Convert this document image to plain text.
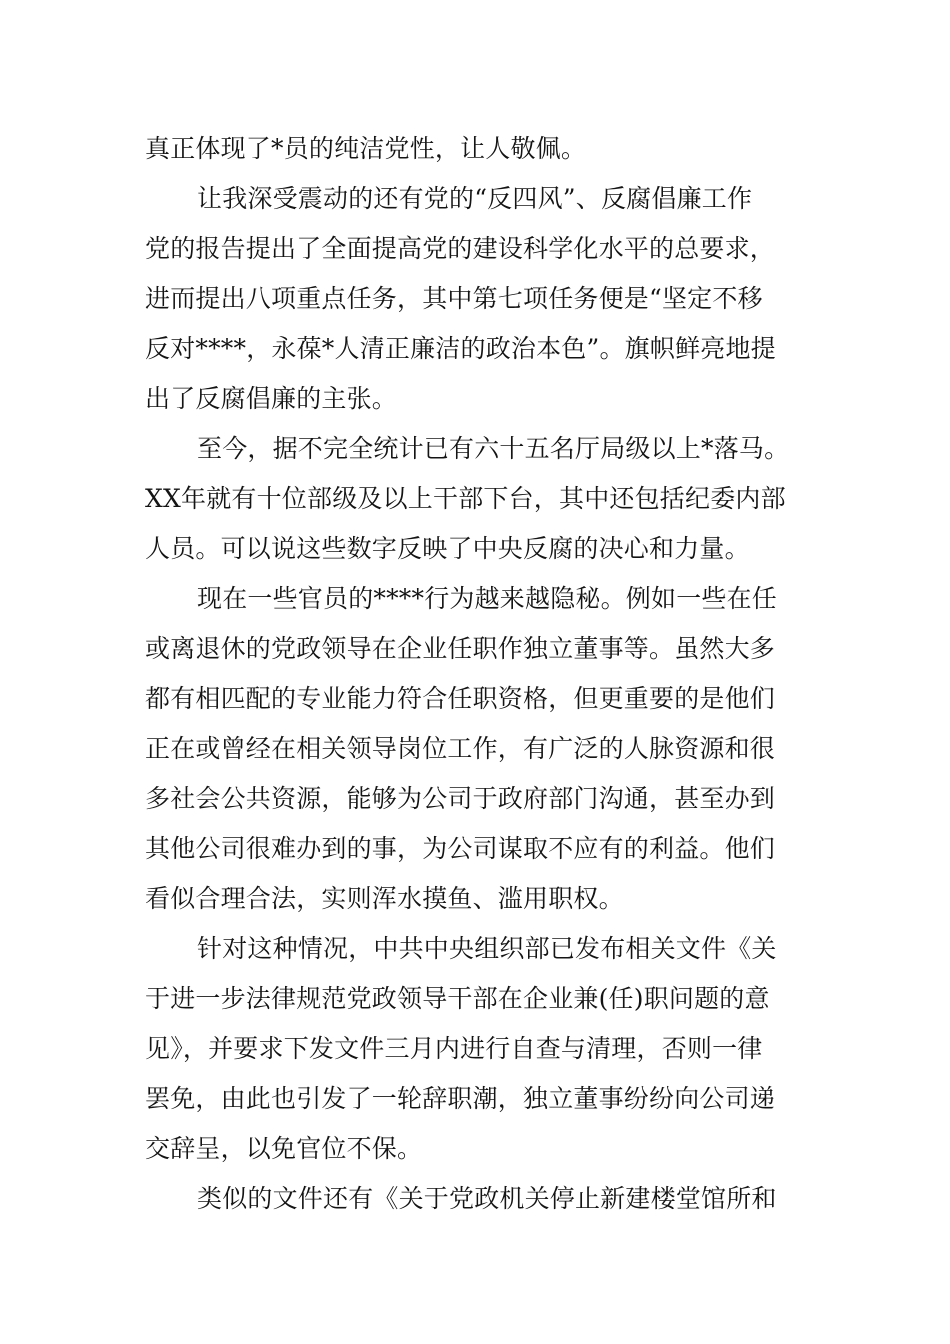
真正体现了*员的纯洁党性，让人敬佩。
让我深受震动的还有党的“反四风”、反腐倡廉工作
党的报告提出了全面提高党的建设科学化水平的总要求，
进而提出八项重点任务，其中第七项任务便是“坚定不移
反对****，永葆*人清正廉洁的政治本色”。旗帜鲜亮地提
出了反腐倡廉的主张。
至今，据不完全统计已有六十五名厅局级以上*落马。
XX年就有十位部级及以上干部下台，其中还包括纪委内部
人员。可以说这些数字反映了中央反腐的决心和力量。
现在一些官员的****行为越来越隐秘。例如一些在任
或离退休的党政领导在企业任职作独立董事等。虽然大多
都有相匹配的专业能力符合任职资格，但更重要的是他们
正在或曾经在相关领导岗位工作，有广泛的人脉资源和很
多社会公共资源，能够为公司于政府部门沟通，甚至办到
其他公司很难办到的事，为公司谋取不应有的利益。他们
看似合理合法，实则浑水摸鱼、滥用职权。
针对这种情况，中共中央组织部已发布相关文件《关
于进一步法律规范党政领导干部在企业兼(任)职问题的意
见》，并要求下发文件三月内进行自查与清理，否则一律
罢免，由此也引发了一轮辞职潮，独立董事纷纷向公司递
交辞呈，以免官位不保。
类似的文件还有《关于党政机关停止新建楼堂馆所和
